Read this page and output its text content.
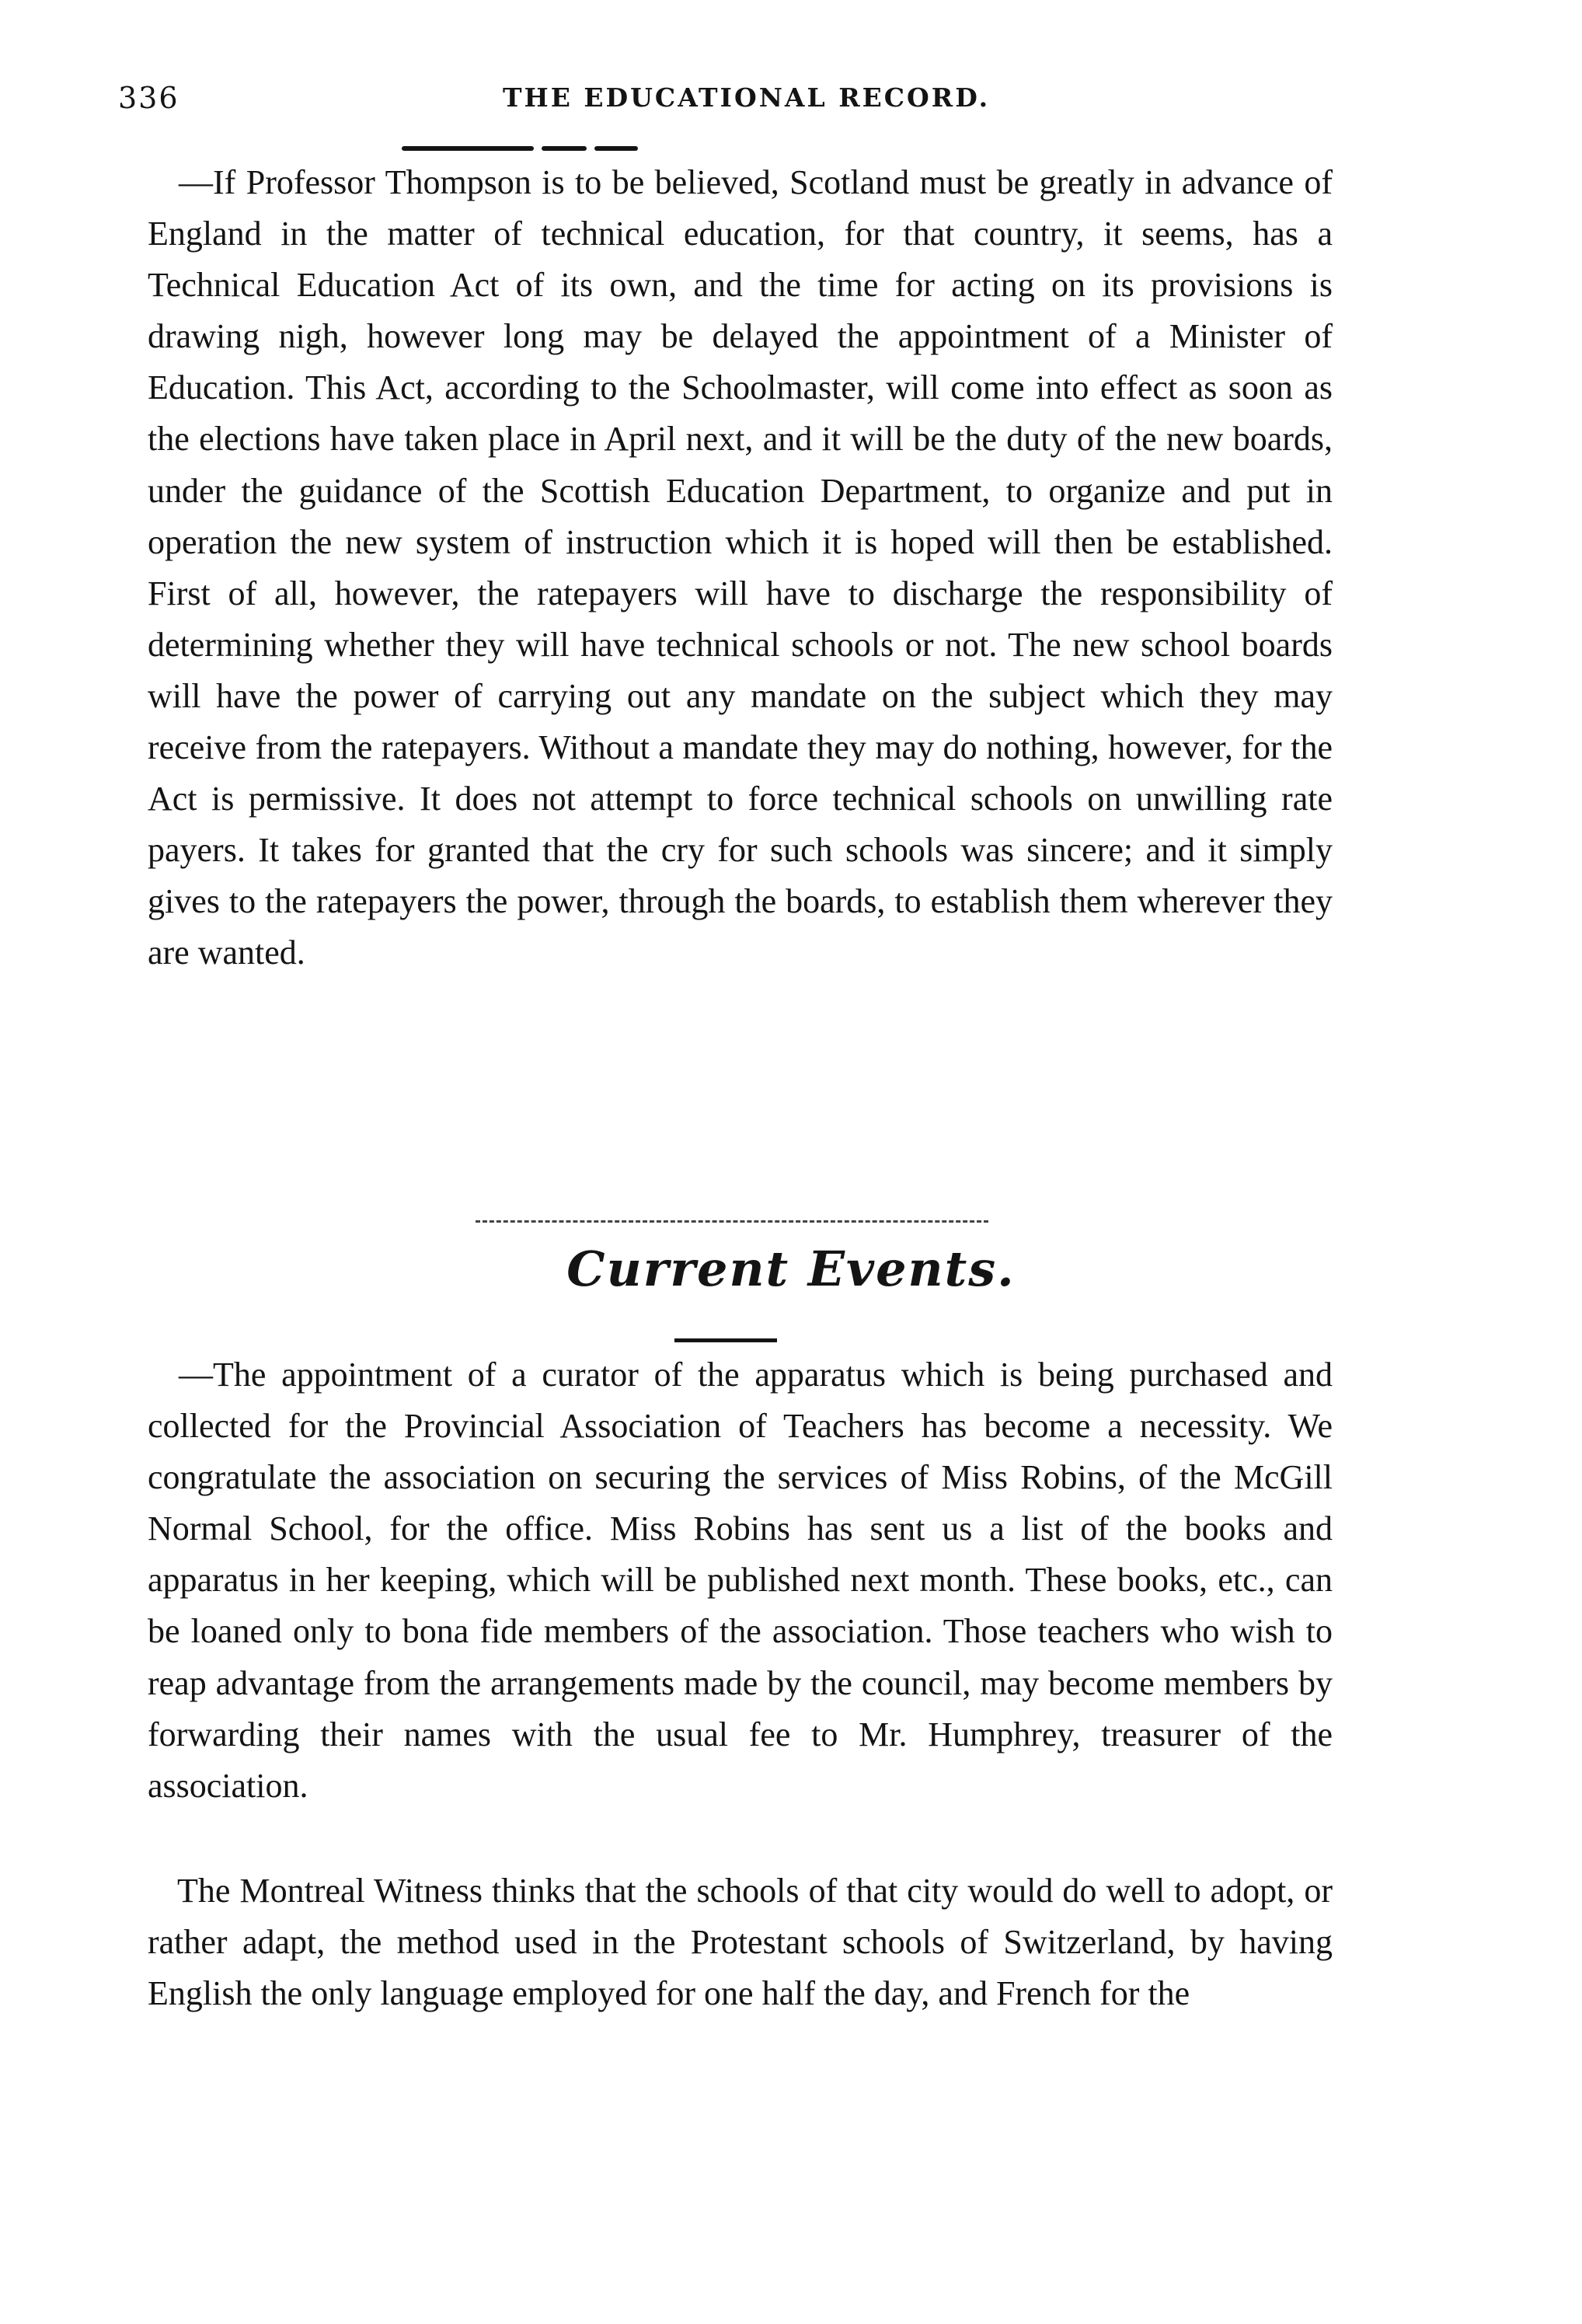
336	THE EDUCATIONAL RECORD.

—If Professor Thompson is to be believed, Scotland must be greatly in advance of England in the matter of technical education, for that country, it seems, has a Technical Education Act of its own, and the time for acting on its provisions is drawing nigh, however long may be delayed the appointment of a Minister of Education. This Act, according to the Schoolmaster, will come into effect as soon as the elections have taken place in April next, and it will be the duty of the new boards, under the guidance of the Scottish Education Department, to organize and put in operation the new system of instruction which it is hoped will then be established. First of all, however, the ratepayers will have to discharge the responsibility of determining whether they will have technical schools or not. The new school boards will have the power of carrying out any mandate on the subject which they may receive from the ratepayers. Without a mandate they may do nothing, however, for the Act is permissive. It does not attempt to force technical schools on unwilling rate payers. It takes for granted that the cry for such schools was sincere; and it simply gives to the ratepayers the power, through the boards, to establish them wherever they are wanted.

Current Events.

—The appointment of a curator of the apparatus which is being purchased and collected for the Provincial Association of Teachers has become a necessity. We congratulate the association on securing the services of Miss Robins, of the McGill Normal School, for the office. Miss Robins has sent us a list of the books and apparatus in her keeping, which will be published next month. These books, etc., can be loaned only to bona fide members of the association. Those teachers who wish to reap advantage from the arrangements made by the council, may become members by forwarding their names with the usual fee to Mr. Humphrey, treasurer of the association.

The Montreal Witness thinks that the schools of that city would do well to adopt, or rather adapt, the method used in the Protestant schools of Switzerland, by having English the only language employed for one half the day, and French for the
